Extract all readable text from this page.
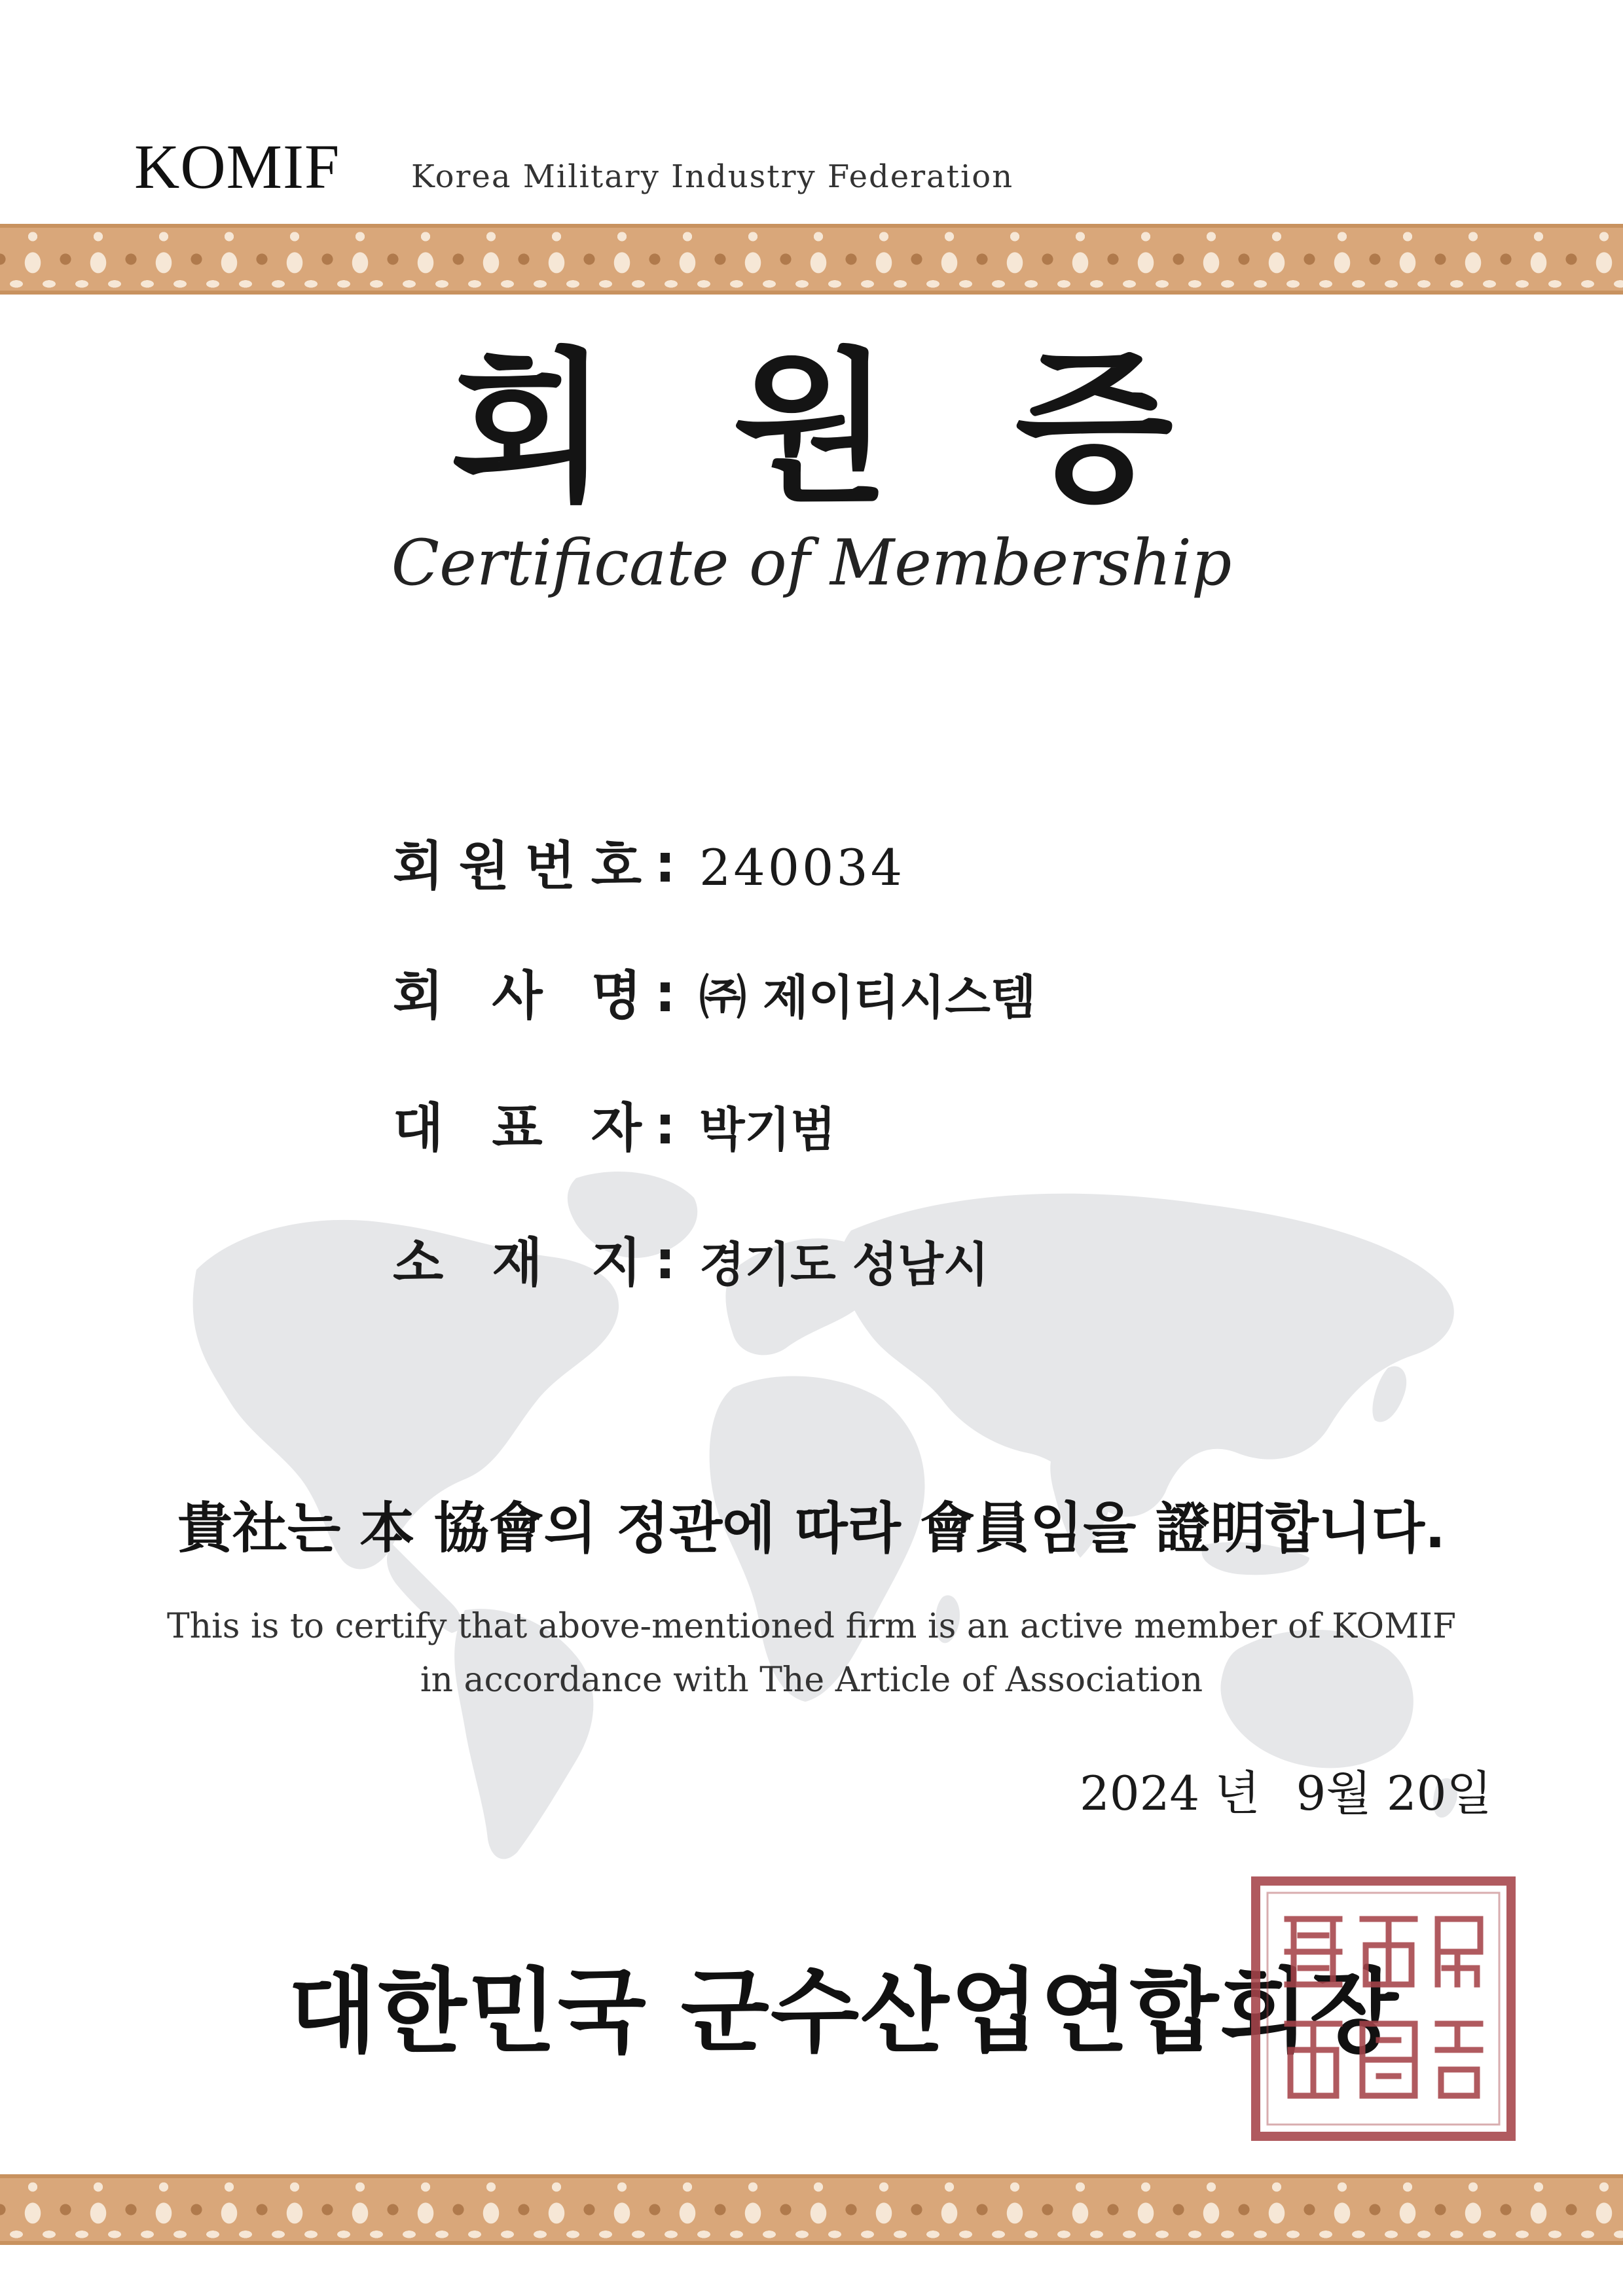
KOMIF Korea Military Industry Federation
회 원 증
Certificate of Membership
회 원 번 호 : 240034
회 사 명 : ㈜ 제이티시스템
대 표 자 : 박기범
소 재 지 : 경기도 성남시
貴社는 本 協會의 정관에 따라 會員임을 證明합니다.
This is to certify that above-mentioned firm is an active member of KOMIF
in accordance with The Article of Association
2024 년 9월 20일
대한민국 군수산업연합회장
